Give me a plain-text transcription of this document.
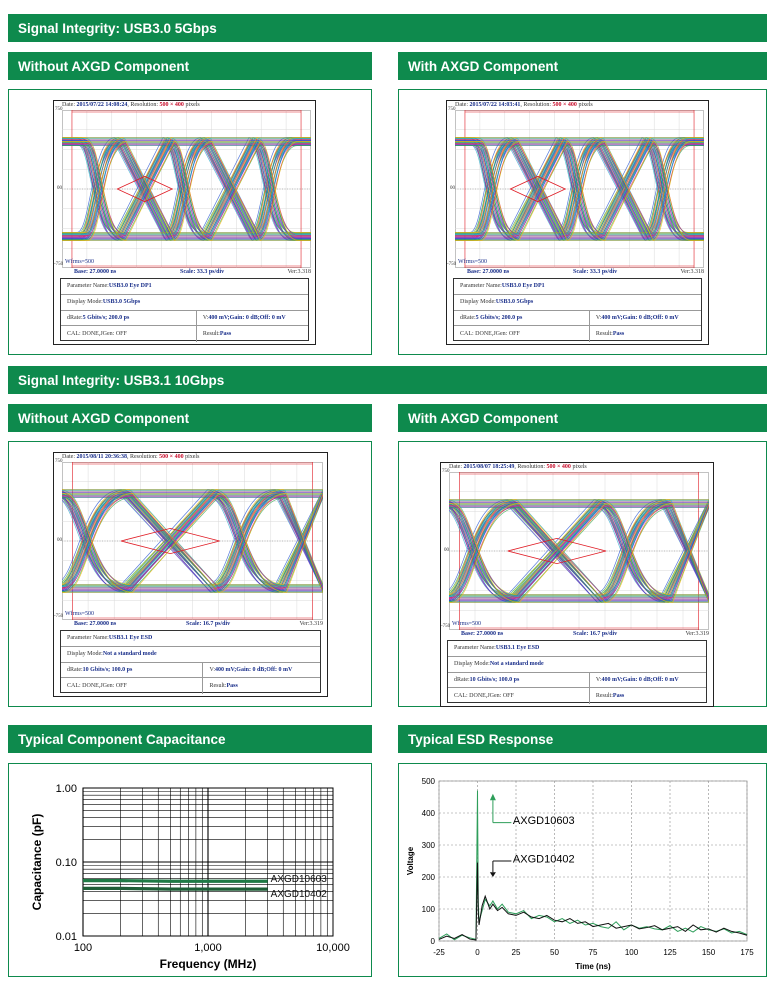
Signal Integrity: USB3.0 5Gbps
Without AXGD Component	With AXGD Component
Signal Integrity: USB3.1 10Gbps
Without AXGD Component	With AXGD Component
Typical Component Capacitance	Typical ESD Response
Date: 2015/07/22 14:08:24, Resolution: 500 × 400 pixels
750
00
-750 Wfrms=500
Base: 27.0000 ns	Scale: 33.3 ps/div	Ver:3.318
Parameter Name: USB3.0 Eye DP1
Display Mode: USB3.0 5Gbps
dRate: 5 Gbits/s; 200.0 ps	V: 400 mV;Gain: 0 dB;Off: 0 mV
CAL: DONE,JGen: OFF	Result: Pass
Date: 2015/07/22 14:03:41, Resolution: 500 × 400 pixels
750
00
-750 Wfrms=500
Base: 27.0000 ns	Scale: 33.3 ps/div	Ver:3.318
Parameter Name: USB3.0 Eye DP1
Display Mode: USB3.0 5Gbps
dRate: 5 Gbits/s; 200.0 ps	V: 400 mV;Gain: 0 dB;Off: 0 mV
CAL: DONE,JGen: OFF	Result: Pass
Date: 2015/08/11 20:36:38, Resolution: 500 × 400 pixels
750
00
-750 Wfrms=500
Base: 27.0000 ns	Scale: 16.7 ps/div	Ver:3.319
Parameter Name: USB3.1 Eye ESD
Display Mode: Not a standard mode
dRate: 10 Gbits/s; 100.0 ps	V: 400 mV;Gain: 0 dB;Off: 0 mV
CAL: DONE,JGen: OFF	Result: Pass
Date: 2015/08/07 18:25:49, Resolution: 500 × 400 pixels
750
00
-750 Wfrms=500
Base: 27.0000 ns	Scale: 16.7 ps/div	Ver:3.319
Parameter Name: USB3.1 Eye ESD
Display Mode: Not a standard mode
dRate: 10 Gbits/s; 100.0 ps	V: 400 mV;Gain: 0 dB;Off: 0 mV
CAL: DONE,JGen: OFF	Result: Pass
1.00
0.10
0.01
100	1,000	10,000
Frequency (MHz)
Capacitance (pF)	AXGD10603
AXGD10402
-25	0	25	50	75	100	125	150	175
500
400
300
200
100
0
Time (ns)
Voltage
AXGD10603
AXGD10402
